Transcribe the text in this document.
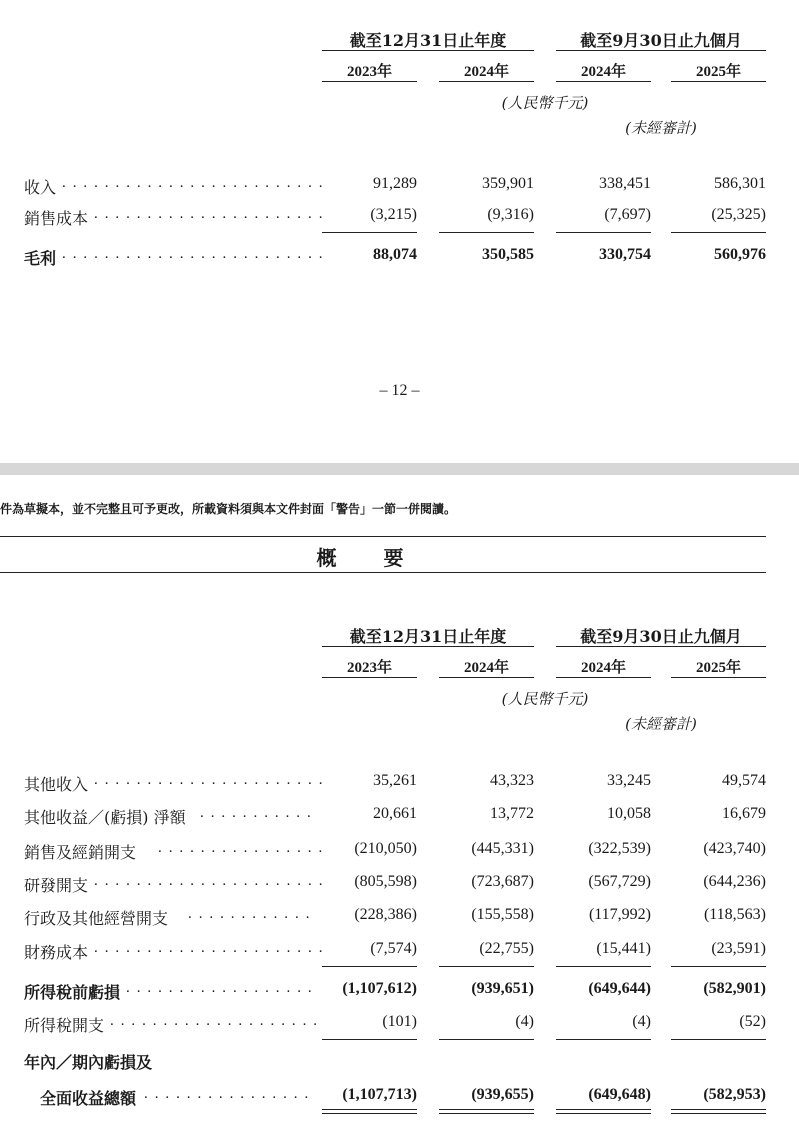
截至12月31日止年度	截至9月30日止九個月
2023年	2024年	2024年	2025年
(人民幣千元)
(未經審計)
收入 . . . . . . . . . . . . . . . . . . . . . . . . .	91,289	359,901	338,451	586,301
銷售成本 . . . . . . . . . . . . . . . . . . . . . .	(3,215)	(9,316)	(7,697)	(25,325)
毛利 . . . . . . . . . . . . . . . . . . . . . . . . .	88,074	350,585	330,754	560,976
– 12 –
件為草擬本，並不完整且可予更改，所載資料須與本文件封面「警告」一節一併閱讀。
概 要
截至12月31日止年度	截至9月30日止九個月
2023年	2024年	2024年	2025年
(人民幣千元)
(未經審計)
其他收入 . . . . . . . . . . . . . . . . . . . . . .	35,261	43,323	33,245	49,574
其他收益／(虧損) 淨額 . . . . . . . . . . .	20,661	13,772	10,058	16,679
銷售及經銷開支 . . . . . . . . . . . . . . . .	(210,050)	(445,331)	(322,539)	(423,740)
研發開支 . . . . . . . . . . . . . . . . . . . . . .	(805,598)	(723,687)	(567,729)	(644,236)
行政及其他經營開支 . . . . . . . . . . . .	(228,386)	(155,558)	(117,992)	(118,563)
財務成本 . . . . . . . . . . . . . . . . . . . . . .	(7,574)	(22,755)	(15,441)	(23,591)
所得稅前虧損 . . . . . . . . . . . . . . . . . .	(1,107,612)	(939,651)	(649,644)	(582,901)
所得稅開支 . . . . . . . . . . . . . . . . . . . .	(101)	(4)	(4)	(52)
年內／期內虧損及
全面收益總額 . . . . . . . . . . . . . . . .	(1,107,713)	(939,655)	(649,648)	(582,953)
